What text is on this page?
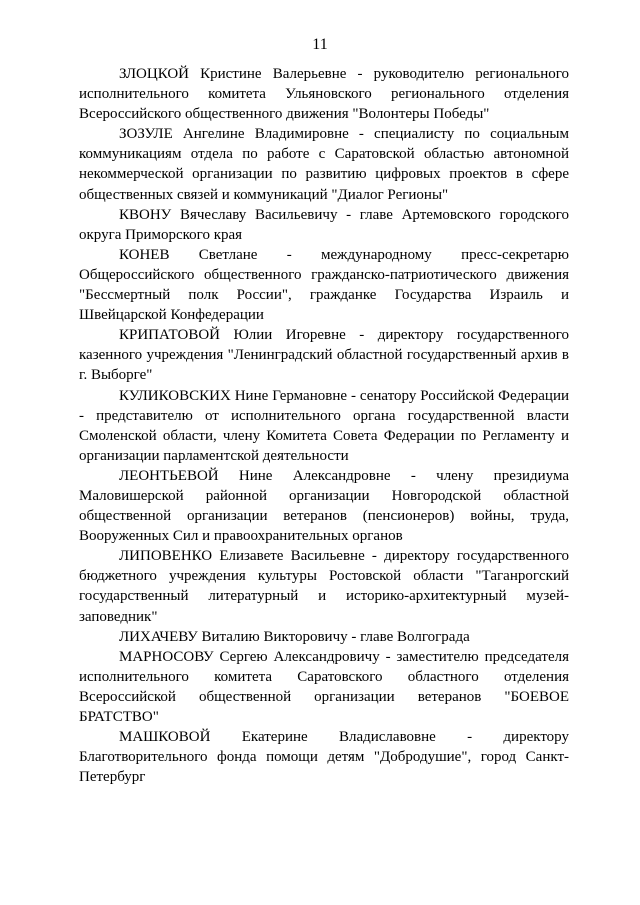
11

ЗЛОЦКОЙ Кристине Валерьевне - руководителю регионального исполнительного комитета Ульяновского регионального отделения Всероссийского общественного движения "Волонтеры Победы"

ЗОЗУЛЕ Ангелине Владимировне - специалисту по социальным коммуникациям отдела по работе с Саратовской областью автономной некоммерческой организации по развитию цифровых проектов в сфере общественных связей и коммуникаций "Диалог Регионы"

КВОНУ Вячеславу Васильевичу - главе Артемовского городского округа Приморского края

КОНЕВ Светлане - международному пресс-секретарю Общероссийского общественного гражданско-патриотического движения "Бессмертный полк России", гражданке Государства Израиль и Швейцарской Конфедерации

КРИПАТОВОЙ Юлии Игоревне - директору государственного казенного учреждения "Ленинградский областной государственный архив в г. Выборге"

КУЛИКОВСКИХ Нине Германовне - сенатору Российской Федерации - представителю от исполнительного органа государственной власти Смоленской области, члену Комитета Совета Федерации по Регламенту и организации парламентской деятельности

ЛЕОНТЬЕВОЙ Нине Александровне - члену президиума Маловишерской районной организации Новгородской областной общественной организации ветеранов (пенсионеров) войны, труда, Вооруженных Сил и правоохранительных органов

ЛИПОВЕНКО Елизавете Васильевне - директору государственного бюджетного учреждения культуры Ростовской области "Таганрогский государственный литературный и историко-архитектурный музей-заповедник"

ЛИХАЧЕВУ Виталию Викторовичу - главе Волгограда

МАРНОСОВУ Сергею Александровичу - заместителю председателя исполнительного комитета Саратовского областного отделения Всероссийской общественной организации ветеранов "БОЕВОЕ БРАТСТВО"

МАШКОВОЙ Екатерине Владиславовне - директору Благотворительного фонда помощи детям "Добродушие", город Санкт-Петербург
